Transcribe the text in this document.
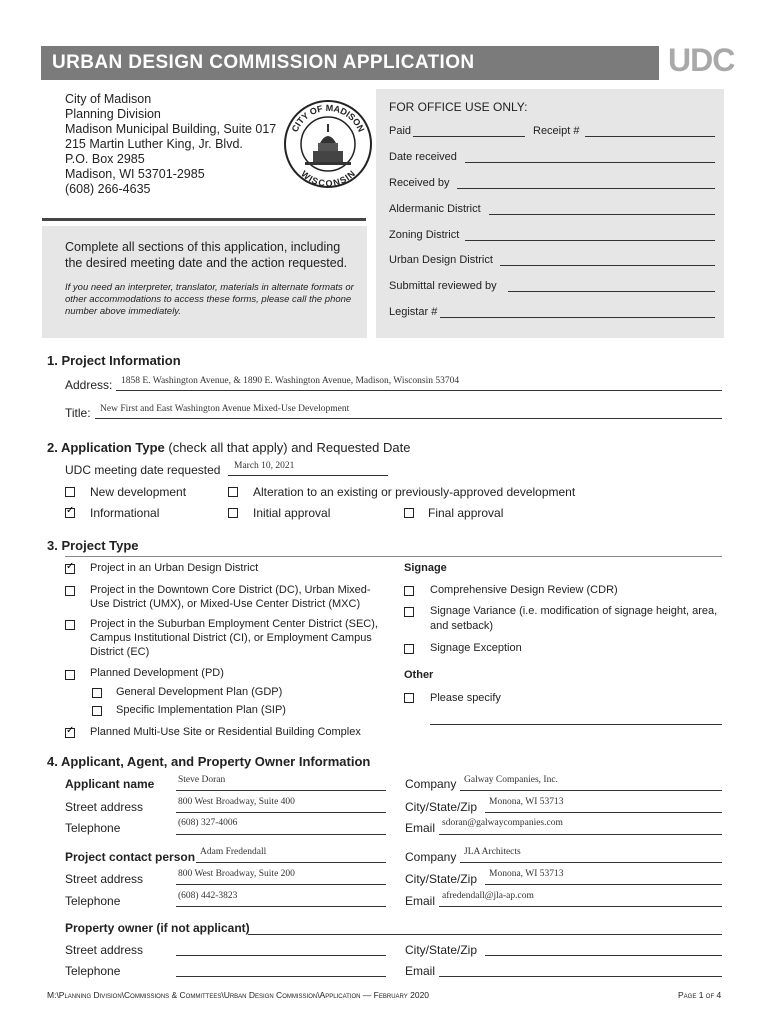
URBAN DESIGN COMMISSION APPLICATION	UDC
City of Madison
Planning Division
Madison Municipal Building, Suite 017
215 Martin Luther King, Jr. Blvd.
P.O. Box 2985
Madison, WI 53701-2985
(608) 266-4635
CITY OF MADISON
WISCONSIN
Complete all sections of this application, including the desired meeting date and the action requested.
If you need an interpreter, translator, materials in alternate formats or other accommodations to access these forms, please call the phone number above immediately.
FOR OFFICE USE ONLY:
Paid	Receipt #
Date received
Received by
Aldermanic District
Zoning District
Urban Design District
Submittal reviewed by
Legistar #
1. Project Information
Address: 1858 E. Washington Avenue, & 1890 E. Washington Avenue, Madison, Wisconsin 53704
Title: New First and East Washington Avenue Mixed-Use Development
2. Application Type (check all that apply) and Requested Date
UDC meeting date requested March 10, 2021
New development	Alteration to an existing or previously-approved development
✓
Informational	Initial approval	Final approval
3. Project Type
✓
Project in an Urban Design District
Project in the Downtown Core District (DC), Urban Mixed-Use District (UMX), or Mixed-Use Center District (MXC)
Project in the Suburban Employment Center District (SEC), Campus Institutional District (CI), or Employment Campus District (EC)
Planned Development (PD)
General Development Plan (GDP)
Specific Implementation Plan (SIP)
✓
Planned Multi-Use Site or Residential Building Complex
Signage
Comprehensive Design Review (CDR)
Signage Variance (i.e. modification of signage height, area, and setback)
Signage Exception
Other
Please specify
4. Applicant, Agent, and Property Owner Information
Applicant name Steve Doran
Street address	800 West Broadway, Suite 400
Telephone	(608) 327-4006
Company Galway Companies, Inc.
City/State/Zip Monona, WI 53713
Email sdoran@galwaycompanies.com
Project contact person Adam Fredendall
Street address	800 West Broadway, Suite 200
Telephone	(608) 442-3823
Company JLA Architects
City/State/Zip Monona, WI 53713
Email afredendall@jla-ap.com
Property owner (if not applicant)
Street address
Telephone
City/State/Zip
Email
M:\Planning Division\Commissions & Committees\Urban Design Commission\Application — February 2020	Page 1 of 4
